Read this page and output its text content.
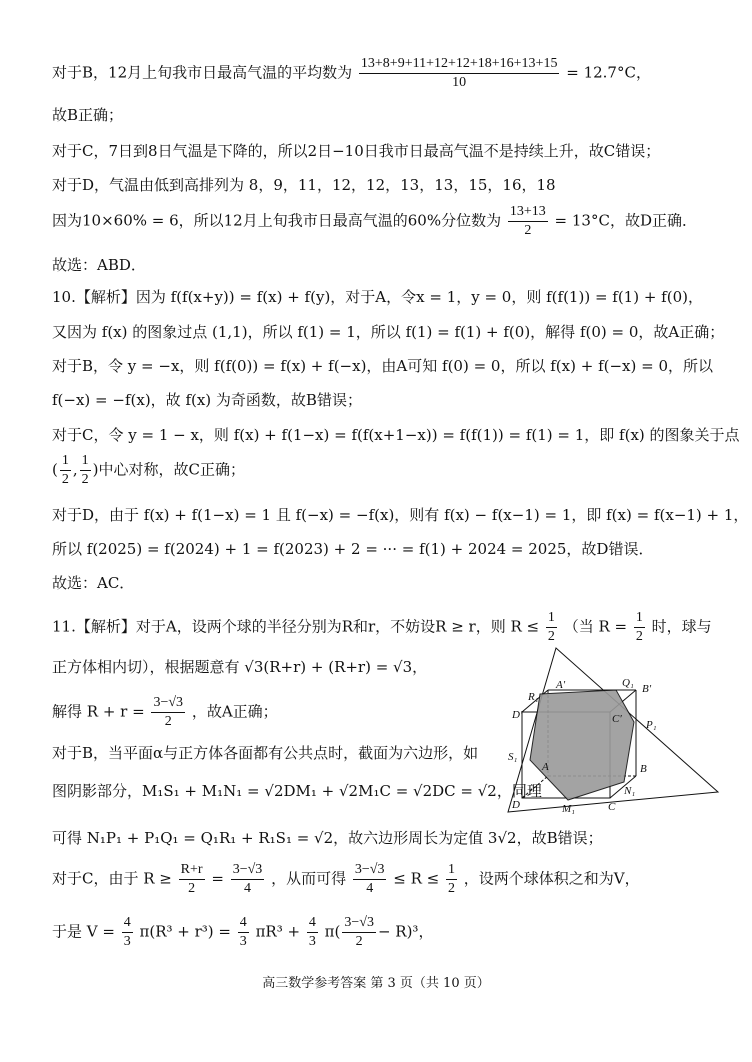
对于B，12月上旬我市日最高气温的平均数为 $\frac{13+8+9+11+12+12+18+16+13+15}{10} = 12.7^\circ C$，
故B正确；
对于C，7日到8日气温是下降的，所以2日−10日我市日最高气温不是持续上升，故C错误；
对于D，气温由低到高排列为 8，9，11，12，12，13，13，15，16，18
因为10×60% = 6，所以12月上旬我市日最高气温的60%分位数为 $\frac{13+13}{2} = 13^\circ C$，故D正确．
故选：ABD．
10.【解析】因为 f(f(x+y)) = f(x) + f(y)，对于A，令x = 1，y = 0，则 f(f(1)) = f(1) + f(0)，
又因为 f(x) 的图象过点 (1,1)，所以 f(1) = 1，所以 f(1) = f(1) + f(0)，解得 f(0) = 0，故A正确；
对于B，令 y = −x，则 f(f(0)) = f(x) + f(−x)，由A可知 f(0) = 0，所以 f(x) + f(−x) = 0，所以
f(−x) = −f(x)，故 f(x) 为奇函数，故B错误；
对于C，令 y = 1 − x，则 f(x) + f(1−x) = f(f(x+1−x)) = f(f(1)) = f(1) = 1，即 f(x) 的图象关于点
( $\frac{1}{2}$ , $\frac{1}{2}$ )中心对称，故C正确；
对于D，由于 f(x) + f(1−x) = 1 且 f(−x) = −f(x)，则有 f(x) − f(x−1) = 1，即 f(x) = f(x−1) + 1，
所以 f(2025) = f(2024) + 1 = f(2023) + 2 = ··· = f(1) + 2024 = 2025，故D错误．
故选：AC．
11.【解析】对于A，设两个球的半径分别为R和r，不妨设R ≥ r，则 $R \le \frac{1}{2}$ （当 $R = \frac{1}{2}$ 时，球与
正方体相内切），根据题意有 √3(R+r) + (R+r) = √3，
解得 $R + r = \frac{3-√3}{2}$ ，故A正确；
对于B，当平面α与正方体各面都有公共点时，截面为六边形，如
图阴影部分，M₁S₁ + M₁N₁ = √2DM₁ + √2M₁C = √2DC = √2，同理
可得 N₁P₁ + P₁Q₁ = Q₁R₁ + R₁S₁ = √2，故六边形周长为定值 3√2，故B错误；
对于C，由于 $R \ge \frac{R+r}{2} = \frac{3-√3}{4}$ ，从而可得 $\frac{3-√3}{4} \le R \le \frac{1}{2}$ ，设两个球体积之和为V，
于是 $V = \frac{4}{3} \pi(R^3 + r^3) = \frac{4}{3} \pi R^3 + \frac{4}{3} \pi( \frac{3-√3}{2} - R)^3$，
A′	Q₁ B′
R₁
D′	C′ P₁
S₁
A	B
D	M₁	C
N₁
高三数学参考答案 第 3 页（共 10 页）
